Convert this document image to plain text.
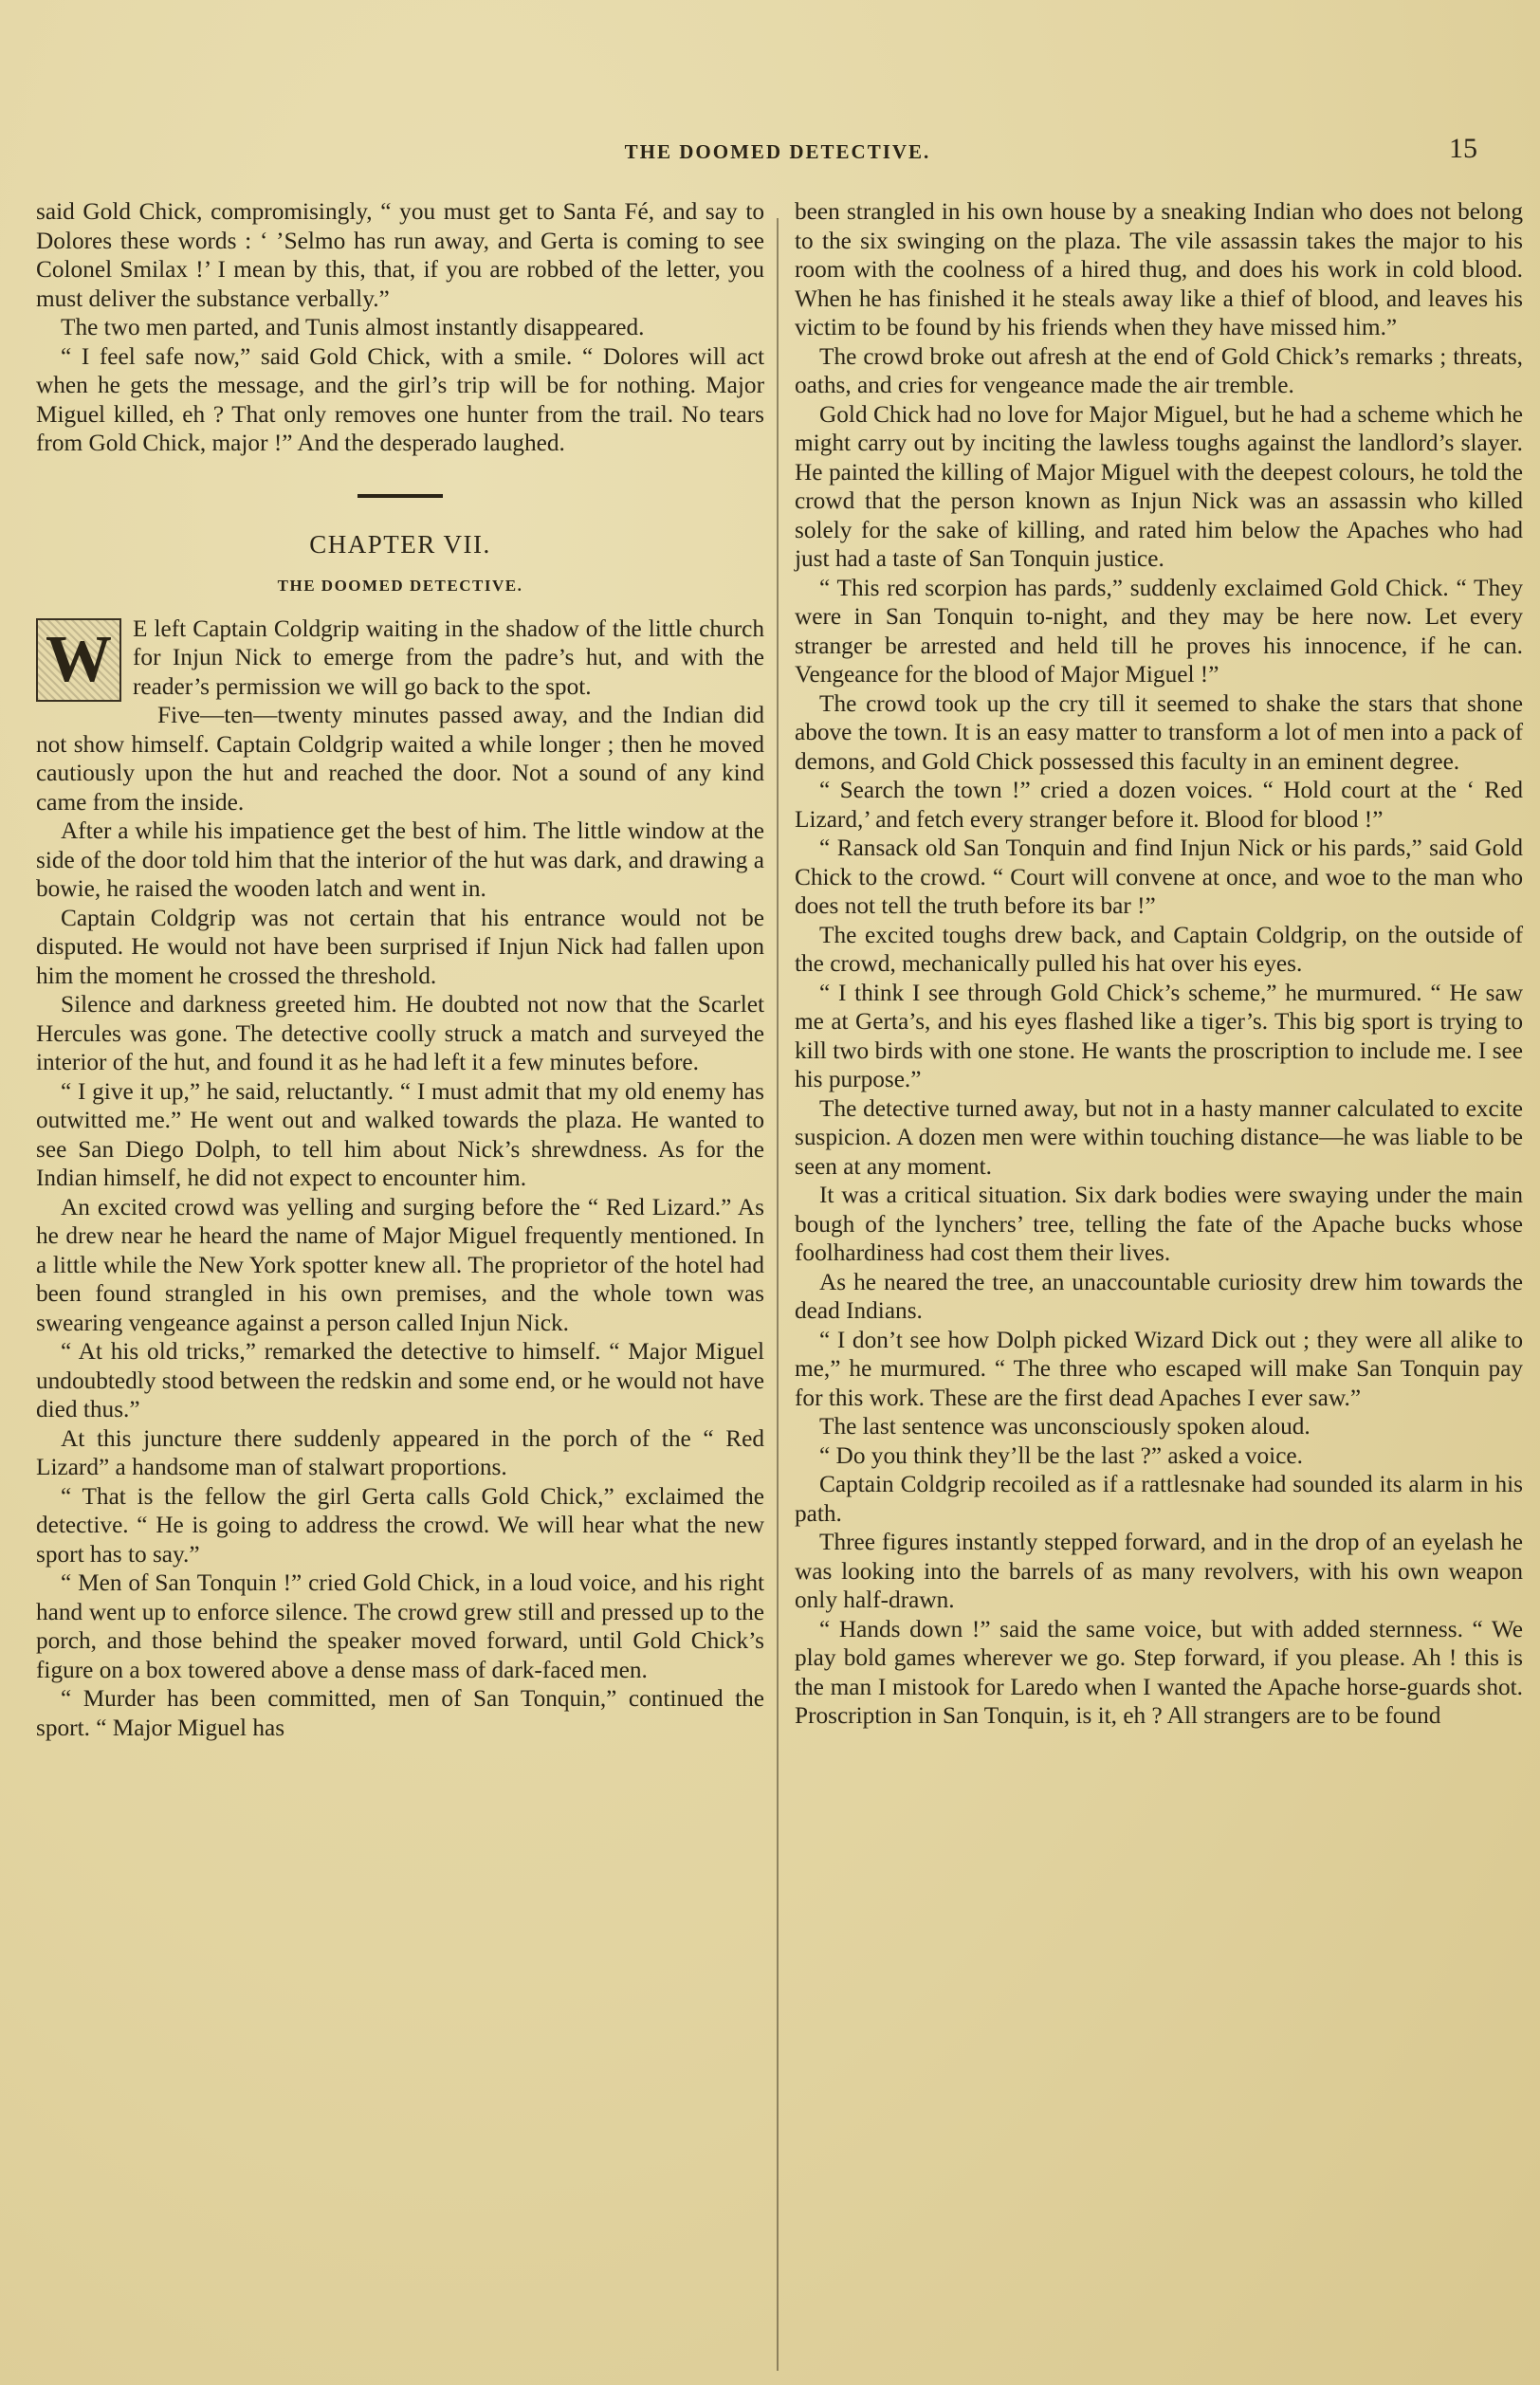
THE DOOMED DETECTIVE.	15

said Gold Chick, compromisingly, “ you must get to Santa Fé, and say to Dolores these words : ‘ ’Selmo has run away, and Gerta is coming to see Colonel Smilax !’ I mean by this, that, if you are robbed of the letter, you must deliver the substance verbally.”

The two men parted, and Tunis almost instantly disappeared.

“ I feel safe now,” said Gold Chick, with a smile. “ Dolores will act when he gets the message, and the girl’s trip will be for nothing. Major Miguel killed, eh ? That only removes one hunter from the trail. No tears from Gold Chick, major !” And the desperado laughed.

CHAPTER VII.
THE DOOMED DETECTIVE.

W E left Captain Coldgrip waiting in the shadow of the little church for Injun Nick to emerge from the padre’s hut, and with the reader’s permission we will go back to the spot.

Five—ten—twenty minutes passed away, and the Indian did not show himself. Captain Coldgrip waited a while longer ; then he moved cautiously upon the hut and reached the door. Not a sound of any kind came from the inside.

After a while his impatience get the best of him. The little window at the side of the door told him that the interior of the hut was dark, and drawing a bowie, he raised the wooden latch and went in.

Captain Coldgrip was not certain that his entrance would not be disputed. He would not have been surprised if Injun Nick had fallen upon him the moment he crossed the threshold.

Silence and darkness greeted him. He doubted not now that the Scarlet Hercules was gone. The detective coolly struck a match and surveyed the interior of the hut, and found it as he had left it a few minutes before.

“ I give it up,” he said, reluctantly. “ I must admit that my old enemy has outwitted me.” He went out and walked towards the plaza. He wanted to see San Diego Dolph, to tell him about Nick’s shrewdness. As for the Indian himself, he did not expect to encounter him.

An excited crowd was yelling and surging before the “ Red Lizard.” As he drew near he heard the name of Major Miguel frequently mentioned. In a little while the New York spotter knew all. The proprietor of the hotel had been found strangled in his own premises, and the whole town was swearing vengeance against a person called Injun Nick.

“ At his old tricks,” remarked the detective to himself. “ Major Miguel undoubtedly stood between the redskin and some end, or he would not have died thus.”

At this juncture there suddenly appeared in the porch of the “ Red Lizard” a handsome man of stalwart proportions.

“ That is the fellow the girl Gerta calls Gold Chick,” exclaimed the detective. “ He is going to address the crowd. We will hear what the new sport has to say.”

“ Men of San Tonquin !” cried Gold Chick, in a loud voice, and his right hand went up to enforce silence. The crowd grew still and pressed up to the porch, and those behind the speaker moved forward, until Gold Chick’s figure on a box towered above a dense mass of dark-faced men.

“ Murder has been committed, men of San Tonquin,” continued the sport. “ Major Miguel has

been strangled in his own house by a sneaking Indian who does not belong to the six swinging on the plaza. The vile assassin takes the major to his room with the coolness of a hired thug, and does his work in cold blood. When he has finished it he steals away like a thief of blood, and leaves his victim to be found by his friends when they have missed him.”

The crowd broke out afresh at the end of Gold Chick’s remarks ; threats, oaths, and cries for vengeance made the air tremble.

Gold Chick had no love for Major Miguel, but he had a scheme which he might carry out by inciting the lawless toughs against the landlord’s slayer. He painted the killing of Major Miguel with the deepest colours, he told the crowd that the person known as Injun Nick was an assassin who killed solely for the sake of killing, and rated him below the Apaches who had just had a taste of San Tonquin justice.

“ This red scorpion has pards,” suddenly exclaimed Gold Chick. “ They were in San Tonquin to-night, and they may be here now. Let every stranger be arrested and held till he proves his innocence, if he can. Vengeance for the blood of Major Miguel !”

The crowd took up the cry till it seemed to shake the stars that shone above the town. It is an easy matter to transform a lot of men into a pack of demons, and Gold Chick possessed this faculty in an eminent degree.

“ Search the town !” cried a dozen voices. “ Hold court at the ‘ Red Lizard,’ and fetch every stranger before it. Blood for blood !”

“ Ransack old San Tonquin and find Injun Nick or his pards,” said Gold Chick to the crowd. “ Court will convene at once, and woe to the man who does not tell the truth before its bar !”

The excited toughs drew back, and Captain Coldgrip, on the outside of the crowd, mechanically pulled his hat over his eyes.

“ I think I see through Gold Chick’s scheme,” he murmured. “ He saw me at Gerta’s, and his eyes flashed like a tiger’s. This big sport is trying to kill two birds with one stone. He wants the proscription to include me. I see his purpose.”

The detective turned away, but not in a hasty manner calculated to excite suspicion. A dozen men were within touching distance—he was liable to be seen at any moment.

It was a critical situation. Six dark bodies were swaying under the main bough of the lynchers’ tree, telling the fate of the Apache bucks whose foolhardiness had cost them their lives.

As he neared the tree, an unaccountable curiosity drew him towards the dead Indians.

“ I don’t see how Dolph picked Wizard Dick out ; they were all alike to me,” he murmured. “ The three who escaped will make San Tonquin pay for this work. These are the first dead Apaches I ever saw.”

The last sentence was unconsciously spoken aloud.

“ Do you think they’ll be the last ?” asked a voice.

Captain Coldgrip recoiled as if a rattlesnake had sounded its alarm in his path.

Three figures instantly stepped forward, and in the drop of an eyelash he was looking into the barrels of as many revolvers, with his own weapon only half-drawn.

“ Hands down !” said the same voice, but with added sternness. “ We play bold games wherever we go. Step forward, if you please. Ah ! this is the man I mistook for Laredo when I wanted the Apache horse-guards shot. Proscription in San Tonquin, is it, eh ? All strangers are to be found
